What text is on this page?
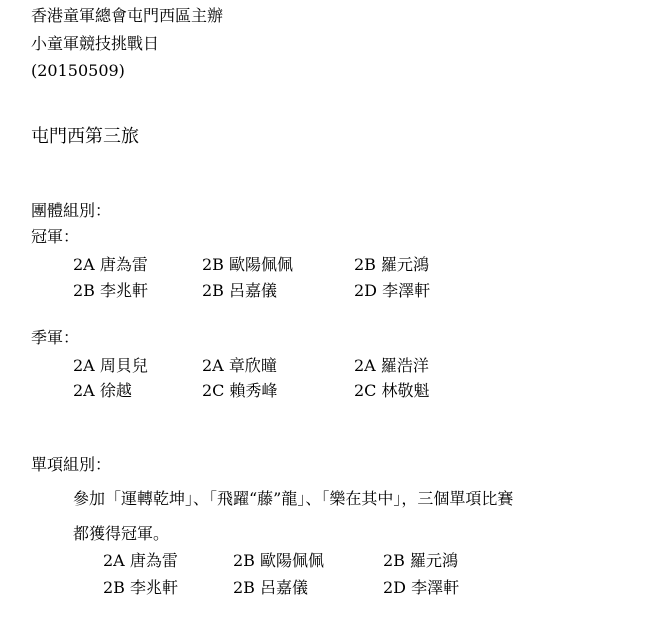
香港童軍總會屯門西區主辦
小童軍競技挑戰日
(20150509)
屯門西第三旅
團體組別：
冠軍：
2A 唐為雷	2B 歐陽佩佩	2B 羅元鴻
2B 李兆軒	2B 呂嘉儀	2D 李澤軒
季軍：
2A 周貝兒	2A 章欣曈	2A 羅浩洋
2A 徐越	2C 賴秀峰	2C 林敬魁
單項組別：
參加「運轉乾坤」、「飛躍“藤”龍」、「樂在其中」，三個單項比賽
都獲得冠軍。
2A 唐為雷	2B 歐陽佩佩	2B 羅元鴻
2B 李兆軒	2B 呂嘉儀	2D 李澤軒
